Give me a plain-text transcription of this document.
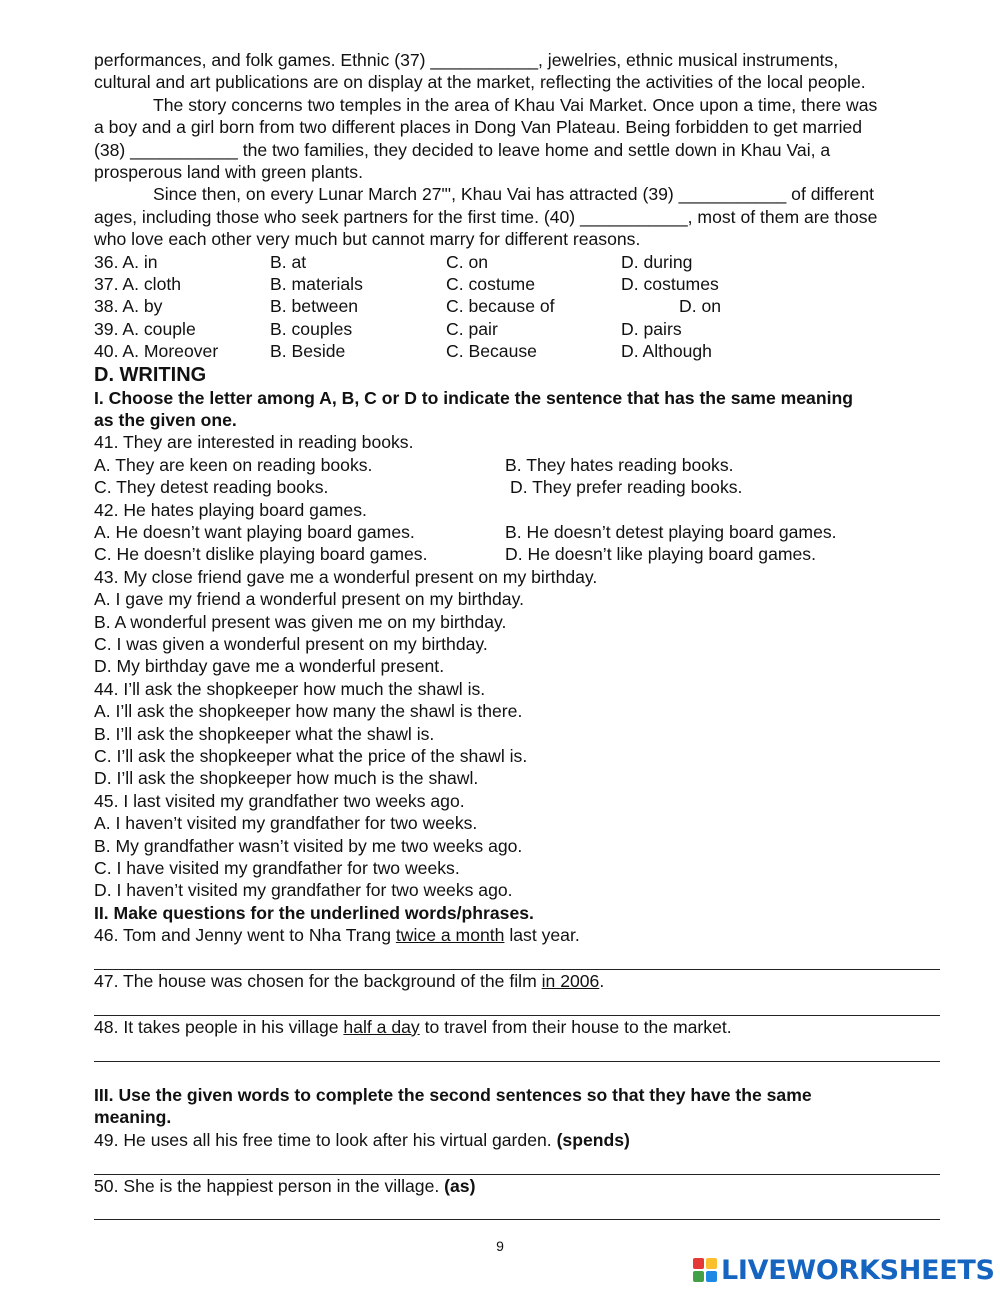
performances, and folk games. Ethnic (37) ___________, jewelries, ethnic musical instruments,
cultural and art publications are on display at the market, reflecting the activities of the local people.
The story concerns two temples in the area of Khau Vai Market. Once upon a time, there was
a boy and a girl born from two different places in Dong Van Plateau. Being forbidden to get married
(38) ___________ the two families, they decided to leave home and settle down in Khau Vai, a
prosperous land with green plants.
Since then, on every Lunar March 27"', Khau Vai has attracted (39) ___________ of different
ages, including those who seek partners for the first time. (40) ___________, most of them are those
who love each other very much but cannot marry for different reasons.
36. A. in	B. at	C. on	D. during
37. A. cloth	B. materials	C. costume	D. costumes
38. A. by	B. between	C. because of	D. on
39. A. couple	B. couples	C. pair	D. pairs
40. A. Moreover	B. Beside	C. Because	D. Although
D. WRITING
I. Choose the letter among A, B, C or D to indicate the sentence that has the same meaning
as the given one.
41. They are interested in reading books.
A. They are keen on reading books.	B. They hates reading books.
C. They detest reading books.	D. They prefer reading books.
42. He hates playing board games.
A. He doesn’t want playing board games.	B. He doesn’t detest playing board games.
C. He doesn’t dislike playing board games.	D. He doesn’t like playing board games.
43. My close friend gave me a wonderful present on my birthday.
A. I gave my friend a wonderful present on my birthday.
B. A wonderful present was given me on my birthday.
C. I was given a wonderful present on my birthday.
D. My birthday gave me a wonderful present.
44. I’ll ask the shopkeeper how much the shawl is.
A. I’ll ask the shopkeeper how many the shawl is there.
B. I’ll ask the shopkeeper what the shawl is.
C. I’ll ask the shopkeeper what the price of the shawl is.
D. I’ll ask the shopkeeper how much is the shawl.
45. I last visited my grandfather two weeks ago.
A. I haven’t visited my grandfather for two weeks.
B. My grandfather wasn’t visited by me two weeks ago.
C. I have visited my grandfather for two weeks.
D. I haven’t visited my grandfather for two weeks ago.
II. Make questions for the underlined words/phrases.
46. Tom and Jenny went to Nha Trang twice a month last year.
47. The house was chosen for the background of the film in 2006.
48. It takes people in his village half a day to travel from their house to the market.
III. Use the given words to complete the second sentences so that they have the same
meaning.
49. He uses all his free time to look after his virtual garden. (spends)
50. She is the happiest person in the village. (as)
9
LIVEWORKSHEETS
